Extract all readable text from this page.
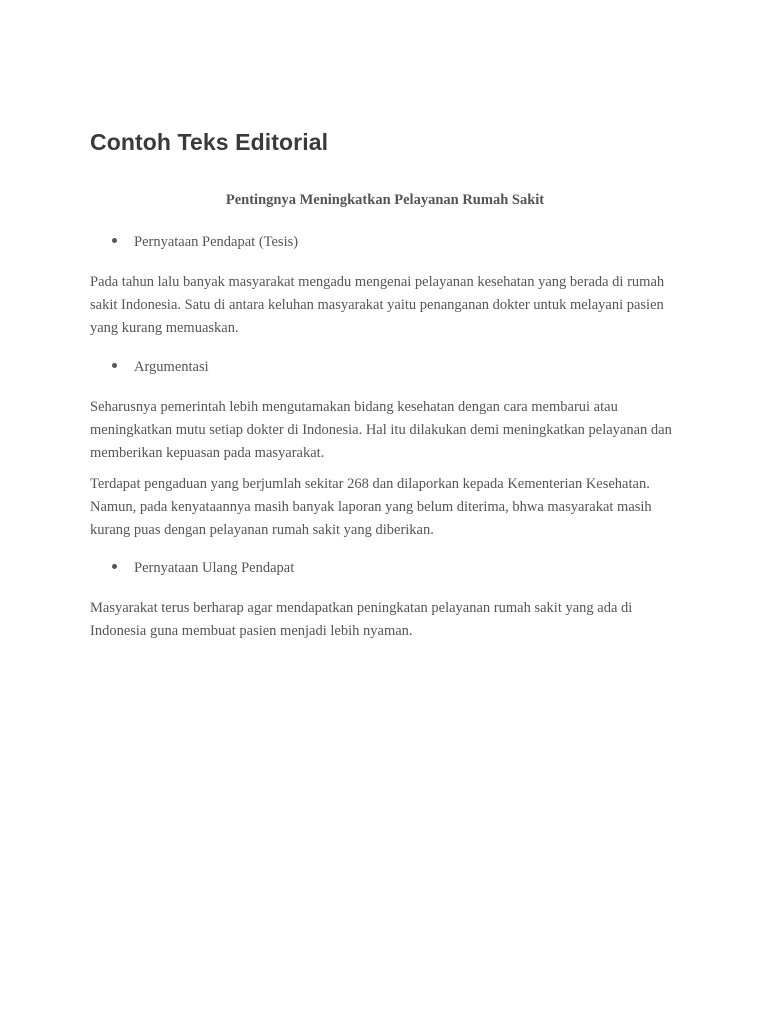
Contoh Teks Editorial

Pentingnya Meningkatkan Pelayanan Rumah Sakit

Pernyataan Pendapat (Tesis)

Pada tahun lalu banyak masyarakat mengadu mengenai pelayanan kesehatan yang berada di rumah sakit Indonesia. Satu di antara keluhan masyarakat yaitu penanganan dokter untuk melayani pasien yang kurang memuaskan.

Argumentasi

Seharusnya pemerintah lebih mengutamakan bidang kesehatan dengan cara membarui atau meningkatkan mutu setiap dokter di Indonesia. Hal itu dilakukan demi meningkatkan pelayanan dan memberikan kepuasan pada masyarakat.

Terdapat pengaduan yang berjumlah sekitar 268 dan dilaporkan kepada Kementerian Kesehatan. Namun, pada kenyataannya masih banyak laporan yang belum diterima, bhwa masyarakat masih kurang puas dengan pelayanan rumah sakit yang diberikan.

Pernyataan Ulang Pendapat

Masyarakat terus berharap agar mendapatkan peningkatan pelayanan rumah sakit yang ada di Indonesia guna membuat pasien menjadi lebih nyaman.
